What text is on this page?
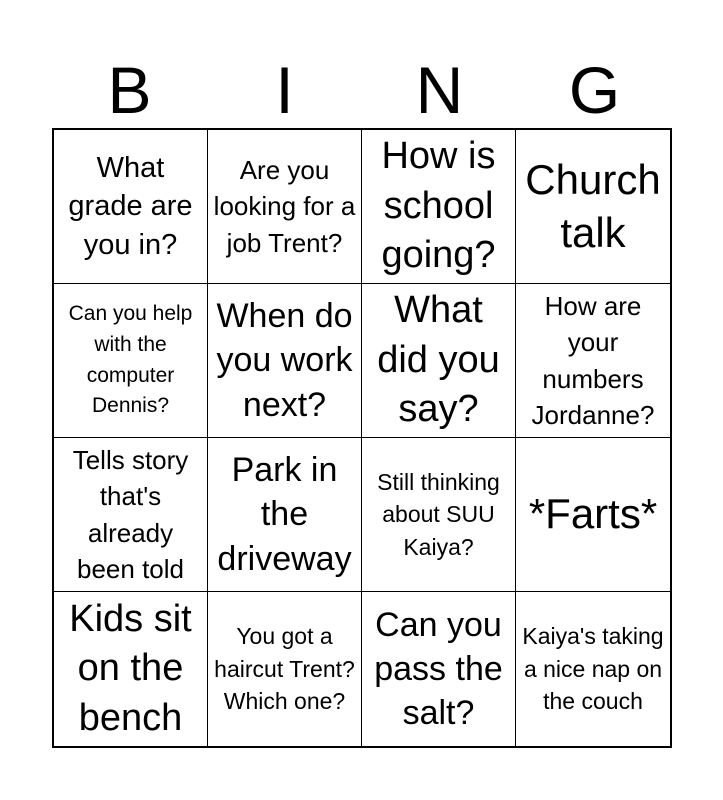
B	I	N	G
What grade are you in?
Are you looking for a job Trent?
How is school going?
Church talk
Can you help with the computer Dennis?
When do you work next?
What did you say?
How are your numbers Jordanne?
Tells story that's already been told
Park in the driveway
Still thinking about SUU Kaiya?
*Farts*
Kids sit on the bench
You got a haircut Trent? Which one?
Can you pass the salt?
Kaiya's taking a nice nap on the couch
